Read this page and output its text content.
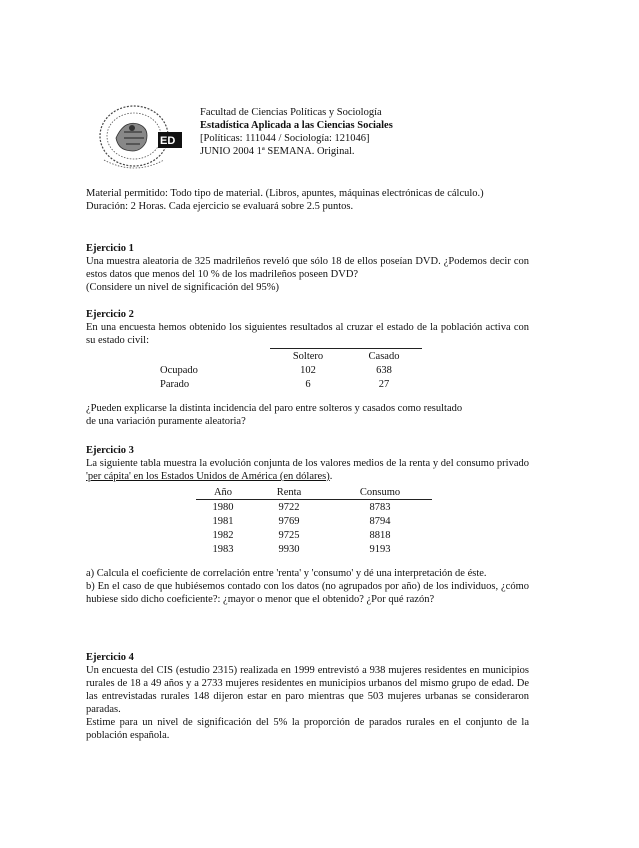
ED
Facultad de Ciencias Políticas y Sociología
Estadística Aplicada a las Ciencias Sociales
[Políticas: 111044 / Sociología: 121046]
JUNIO 2004 1ª SEMANA. Original.
Material permitido: Todo tipo de material. (Libros, apuntes, máquinas electrónicas de cálculo.)
Duración: 2 Horas. Cada ejercicio se evaluará sobre 2.5 puntos.
Ejercicio 1
Una muestra aleatoria de 325 madrileños reveló que sólo 18 de ellos poseían DVD. ¿Podemos decir con estos datos que menos del 10 % de los madrileños poseen DVD?
(Considere un nivel de significación del 95%)
Ejercicio 2
En una encuesta hemos obtenido los siguientes resultados al cruzar el estado de la población activa con su estado civil:
	Soltero	Casado
Ocupado	102	638
Parado	6	27
¿Pueden explicarse la distinta incidencia del paro entre solteros y casados como resultado
de una variación puramente aleatoria?
Ejercicio 3
La siguiente tabla muestra la evolución conjunta de los valores medios de la renta y del consumo privado 'per cápita' en los Estados Unidos de América (en dólares).
Año	Renta	Consumo
1980	9722	8783
1981	9769	8794
1982	9725	8818
1983	9930	9193
a) Calcula el coeficiente de correlación entre 'renta' y 'consumo' y dé una interpretación de éste.
b) En el caso de que hubiésemos contado con los datos (no agrupados por año) de los individuos, ¿cómo hubiese sido dicho coeficiente?: ¿mayor o menor que el obtenido? ¿Por qué razón?
Ejercicio 4
Un encuesta del CIS (estudio 2315) realizada en 1999 entrevistó a 938 mujeres residentes en municipios rurales de 18 a 49 años y a 2733 mujeres residentes en municipios urbanos del mismo grupo de edad. De las entrevistadas rurales 148 dijeron estar en paro mientras que 503 mujeres urbanas se consideraron paradas.
Estime para un nivel de significación del 5% la proporción de parados rurales en el conjunto de la población española.
